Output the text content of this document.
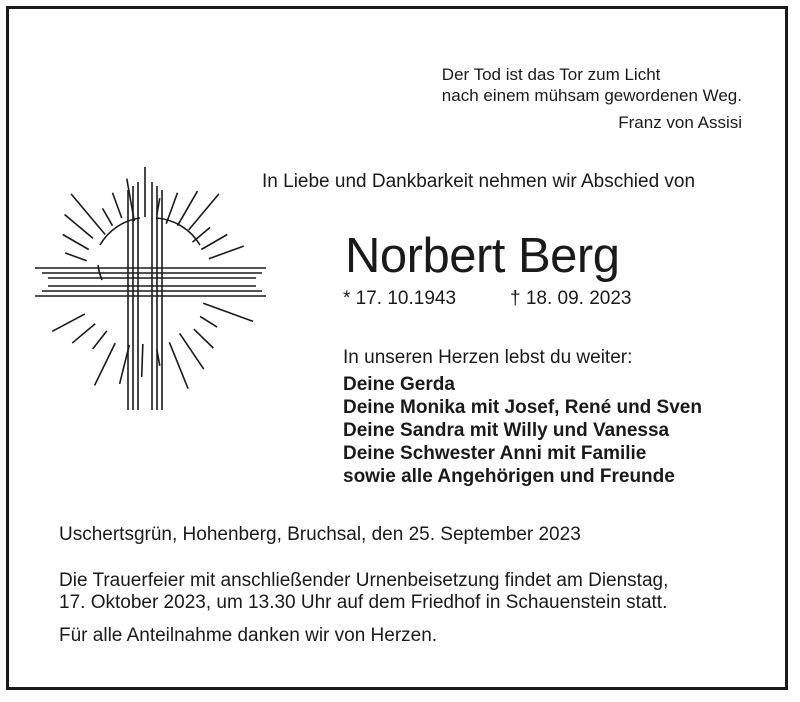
Der Tod ist das Tor zum Licht
nach einem mühsam gewordenen Weg.
Franz von Assisi
In Liebe und Dankbarkeit nehmen wir Abschied von
Norbert Berg
* 17. 10.1943	† 18. 09. 2023
In unseren Herzen lebst du weiter:
Deine Gerda
Deine Monika mit Josef, René und Sven
Deine Sandra mit Willy und Vanessa
Deine Schwester Anni mit Familie
sowie alle Angehörigen und Freunde
Uschertsgrün, Hohenberg, Bruchsal, den 25. September 2023
Die Trauerfeier mit anschließender Urnenbeisetzung findet am Dienstag,
17. Oktober 2023, um 13.30 Uhr auf dem Friedhof in Schauenstein statt.
Für alle Anteilnahme danken wir von Herzen.
